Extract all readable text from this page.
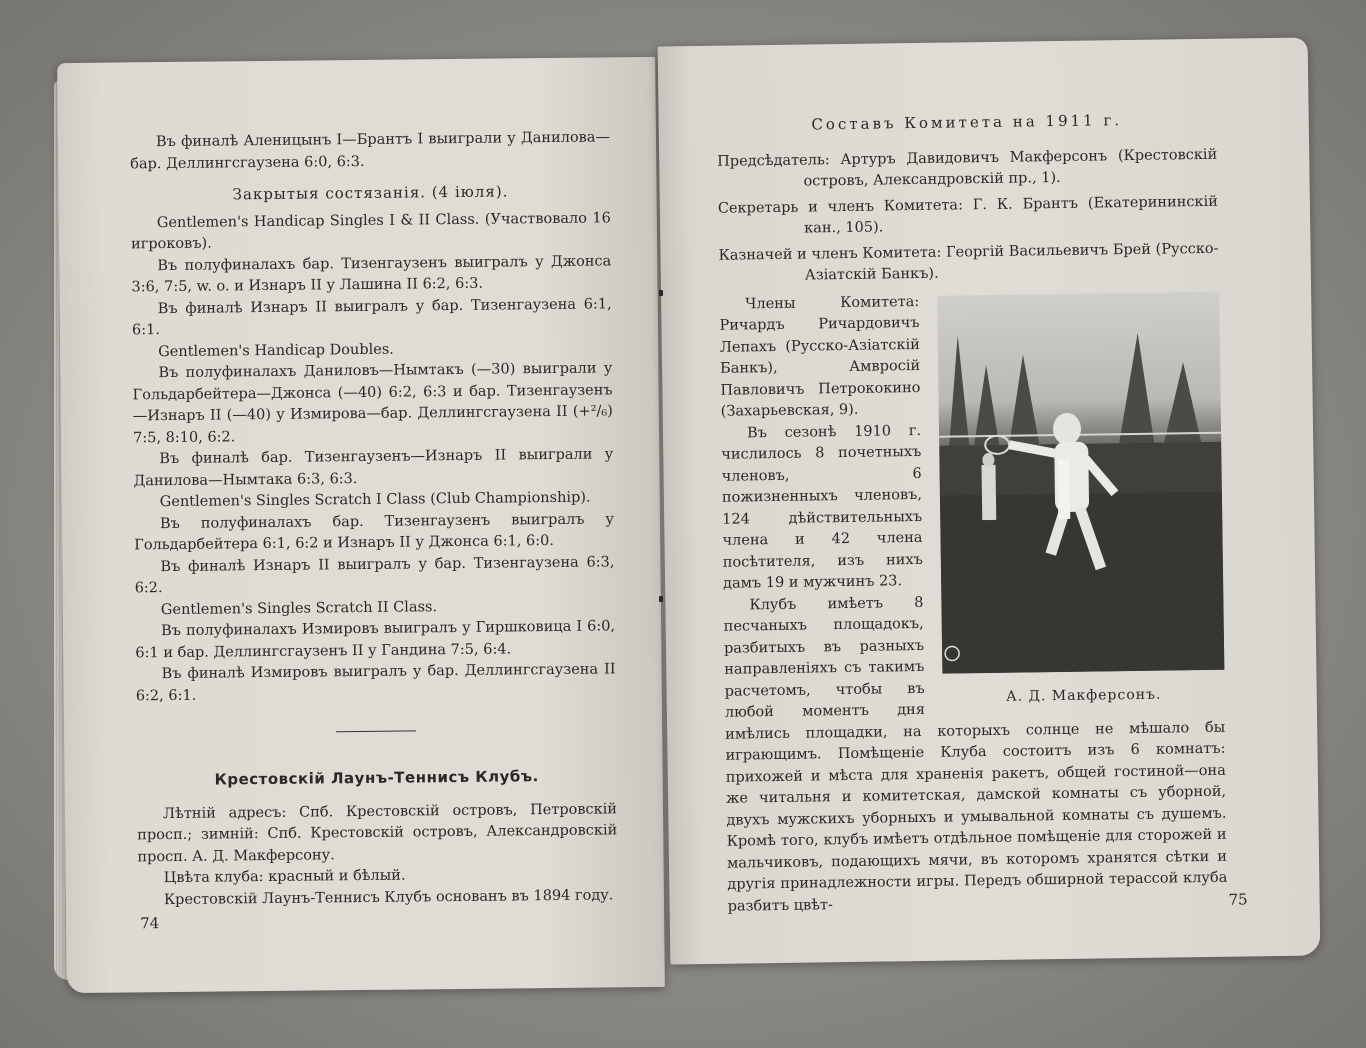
Въ финалѣ Аленицынъ I—Брантъ I выиграли у Данилова—бар. Деллингсгаузена 6:0, 6:3.

Закрытыя состязанія. (4 іюля).

Gentlemen's Handicap Singles I & II Class. (Участвовало 16 игроковъ).

Въ полуфиналахъ бар. Тизенгаузенъ выигралъ у Джонса 3:6, 7:5, w. o. и Изнаръ II у Лашина II 6:2, 6:3.

Въ финалѣ Изнаръ II выигралъ у бар. Тизенгаузена 6:1, 6:1.

Gentlemen's Handicap Doubles.

Въ полуфиналахъ Даниловъ—Нымтакъ (—30) выиграли у Гольдарбейтера—Джонса (—40) 6:2, 6:3 и бар. Тизенгаузенъ—Изнаръ II (—40) у Измирова—бар. Деллингсгаузена II (+²/₆) 7:5, 8:10, 6:2.

Въ финалѣ бар. Тизенгаузенъ—Изнаръ II выиграли у Данилова—Нымтака 6:3, 6:3.

Gentlemen's Singles Scratch I Class (Club Championship).

Въ полуфиналахъ бар. Тизенгаузенъ выигралъ у Гольдарбейтера 6:1, 6:2 и Изнаръ II у Джонса 6:1, 6:0.

Въ финалѣ Изнаръ II выигралъ у бар. Тизенгаузена 6:3, 6:2.

Gentlemen's Singles Scratch II Class.

Въ полуфиналахъ Измировъ выигралъ у Гиршковица I 6:0, 6:1 и бар. Деллингсгаузенъ II у Гандина 7:5, 6:4.

Въ финалѣ Измировъ выигралъ у бар. Деллингсгаузена II 6:2, 6:1.

Крестовскій Лаунъ-Теннисъ Клубъ.

Лѣтній адресъ: Спб. Крестовскій островъ, Петровскій просп.; зимній: Спб. Крестовскій островъ, Александровскій просп. А. Д. Макферсону.

Цвѣта клуба: красный и бѣлый.

Крестовскій Лаунъ-Теннисъ Клубъ основанъ въ 1894 году.

74

Составъ Комитета на 1911 г.

Предсѣдатель: Артуръ Давидовичъ Макферсонъ (Крестовскій островъ, Александровскій пр., 1).

Секретарь и членъ Комитета: Г. К. Брантъ (Екатерининскій кан., 105).

Казначей и членъ Комитета: Георгій Васильевичъ Брей (Русско-Азіатскій Банкъ).

А. Д. Макферсонъ.

Члены Комитета: Ричардъ Ричардовичъ Лепахъ (Русско-Азіатскій Банкъ), Амвросій Павловичъ Петрококино (Захарьевская, 9).

Въ сезонѣ 1910 г. числилось 8 почетныхъ членовъ, 6 пожизненныхъ членовъ, 124 дѣйствительныхъ члена и 42 члена посѣтителя, изъ нихъ дамъ 19 и мужчинъ 23.

Клубъ имѣетъ 8 песчаныхъ площадокъ, разбитыхъ въ разныхъ направленіяхъ съ такимъ расчетомъ, чтобы въ любой моментъ дня имѣлись площадки, на которыхъ солнце не мѣшало бы играющимъ. Помѣщеніе Клуба состоитъ изъ 6 комнатъ: прихожей и мѣста для храненія ракетъ, общей гостиной—она же читальня и комитетская, дамской комнаты съ уборной, двухъ мужскихъ уборныхъ и умывальной комнаты съ душемъ. Кромѣ того, клубъ имѣетъ отдѣльное помѣщеніе для сторожей и мальчиковъ, подающихъ мячи, въ которомъ хранятся сѣтки и другія принадлежности игры. Передъ обширной терассой клуба разбитъ цвѣт-	75
